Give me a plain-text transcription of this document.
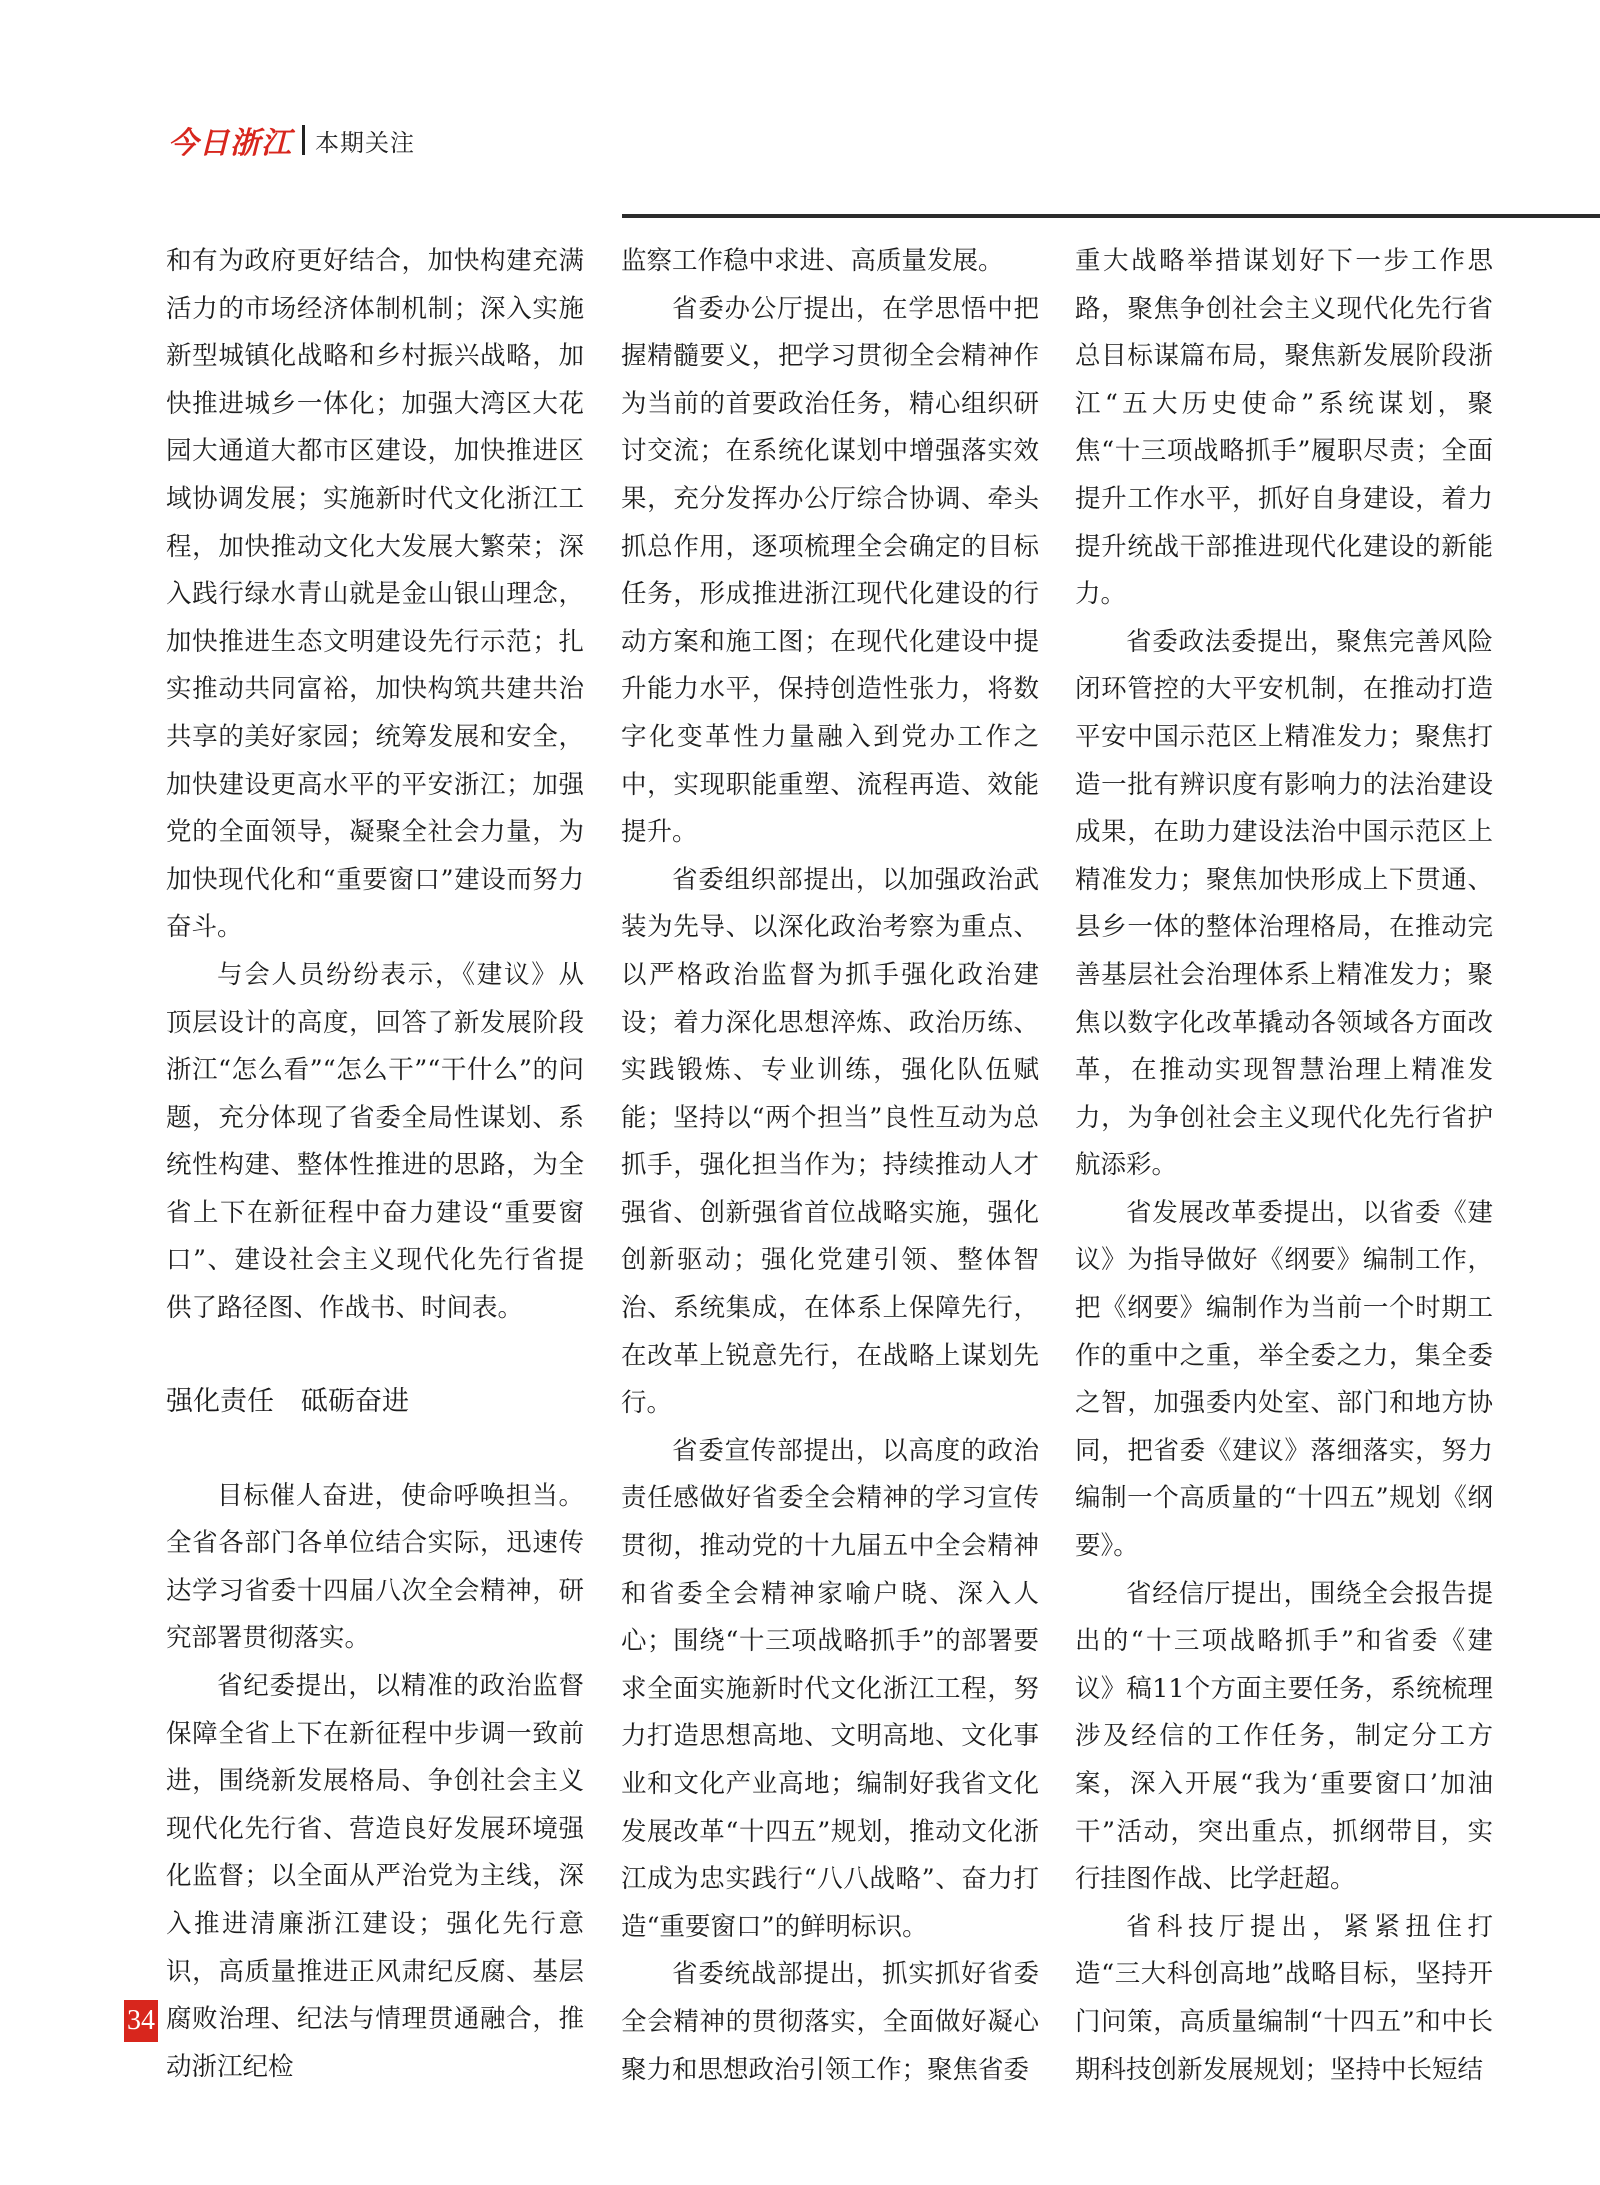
今日浙江 本期关注

和有为政府更好结合，加快构建充满活力的市场经济体制机制；深入实施新型城镇化战略和乡村振兴战略，加快推进城乡一体化；加强大湾区大花园大通道大都市区建设，加快推进区域协调发展；实施新时代文化浙江工程，加快推动文化大发展大繁荣；深入践行绿水青山就是金山银山理念，加快推进生态文明建设先行示范；扎实推动共同富裕，加快构筑共建共治共享的美好家园；统筹发展和安全，加快建设更高水平的平安浙江；加强党的全面领导，凝聚全社会力量，为加快现代化和“重要窗口”建设而努力奋斗。

与会人员纷纷表示，《建议》从顶层设计的高度，回答了新发展阶段浙江“怎么看”“怎么干”“干什么”的问题，充分体现了省委全局性谋划、系统性构建、整体性推进的思路，为全省上下在新征程中奋力建设“重要窗口”、建设社会主义现代化先行省提供了路径图、作战书、时间表。

强化责任　砥砺奋进

目标催人奋进，使命呼唤担当。全省各部门各单位结合实际，迅速传达学习省委十四届八次全会精神，研究部署贯彻落实。

省纪委提出，以精准的政治监督保障全省上下在新征程中步调一致前进，围绕新发展格局、争创社会主义现代化先行省、营造良好发展环境强化监督；以全面从严治党为主线，深入推进清廉浙江建设；强化先行意识，高质量推进正风肃纪反腐、基层腐败治理、纪法与情理贯通融合，推动浙江纪检

监察工作稳中求进、高质量发展。

省委办公厅提出，在学思悟中把握精髓要义，把学习贯彻全会精神作为当前的首要政治任务，精心组织研讨交流；在系统化谋划中增强落实效果，充分发挥办公厅综合协调、牵头抓总作用，逐项梳理全会确定的目标任务，形成推进浙江现代化建设的行动方案和施工图；在现代化建设中提升能力水平，保持创造性张力，将数字化变革性力量融入到党办工作之中，实现职能重塑、流程再造、效能提升。

省委组织部提出，以加强政治武装为先导、以深化政治考察为重点、以严格政治监督为抓手强化政治建设；着力深化思想淬炼、政治历练、实践锻炼、专业训练，强化队伍赋能；坚持以“两个担当”良性互动为总抓手，强化担当作为；持续推动人才强省、创新强省首位战略实施，强化创新驱动；强化党建引领、整体智治、系统集成，在体系上保障先行，在改革上锐意先行，在战略上谋划先行。

省委宣传部提出，以高度的政治责任感做好省委全会精神的学习宣传贯彻，推动党的十九届五中全会精神和省委全会精神家喻户晓、深入人心；围绕“十三项战略抓手”的部署要求全面实施新时代文化浙江工程，努力打造思想高地、文明高地、文化事业和文化产业高地；编制好我省文化发展改革“十四五”规划，推动文化浙江成为忠实践行“八八战略”、奋力打造“重要窗口”的鲜明标识。

省委统战部提出，抓实抓好省委全会精神的贯彻落实，全面做好凝心聚力和思想政治引领工作；聚焦省委

重大战略举措谋划好下一步工作思路，聚焦争创社会主义现代化先行省总目标谋篇布局，聚焦新发展阶段浙江“五大历史使命”系统谋划，聚焦“十三项战略抓手”履职尽责；全面提升工作水平，抓好自身建设，着力提升统战干部推进现代化建设的新能力。

省委政法委提出，聚焦完善风险闭环管控的大平安机制，在推动打造平安中国示范区上精准发力；聚焦打造一批有辨识度有影响力的法治建设成果，在助力建设法治中国示范区上精准发力；聚焦加快形成上下贯通、县乡一体的整体治理格局，在推动完善基层社会治理体系上精准发力；聚焦以数字化改革撬动各领域各方面改革，在推动实现智慧治理上精准发力，为争创社会主义现代化先行省护航添彩。

省发展改革委提出，以省委《建议》为指导做好《纲要》编制工作，把《纲要》编制作为当前一个时期工作的重中之重，举全委之力，集全委之智，加强委内处室、部门和地方协同，把省委《建议》落细落实，努力编制一个高质量的“十四五”规划《纲要》。

省经信厅提出，围绕全会报告提出的“十三项战略抓手”和省委《建议》稿11个方面主要任务，系统梳理涉及经信的工作任务，制定分工方案，深入开展“我为‘重要窗口’加油干”活动，突出重点，抓纲带目，实行挂图作战、比学赶超。

省科技厅提出，紧紧扭住打造“三大科创高地”战略目标，坚持开门问策，高质量编制“十四五”和中长期科技创新发展规划；坚持中长短结

34
